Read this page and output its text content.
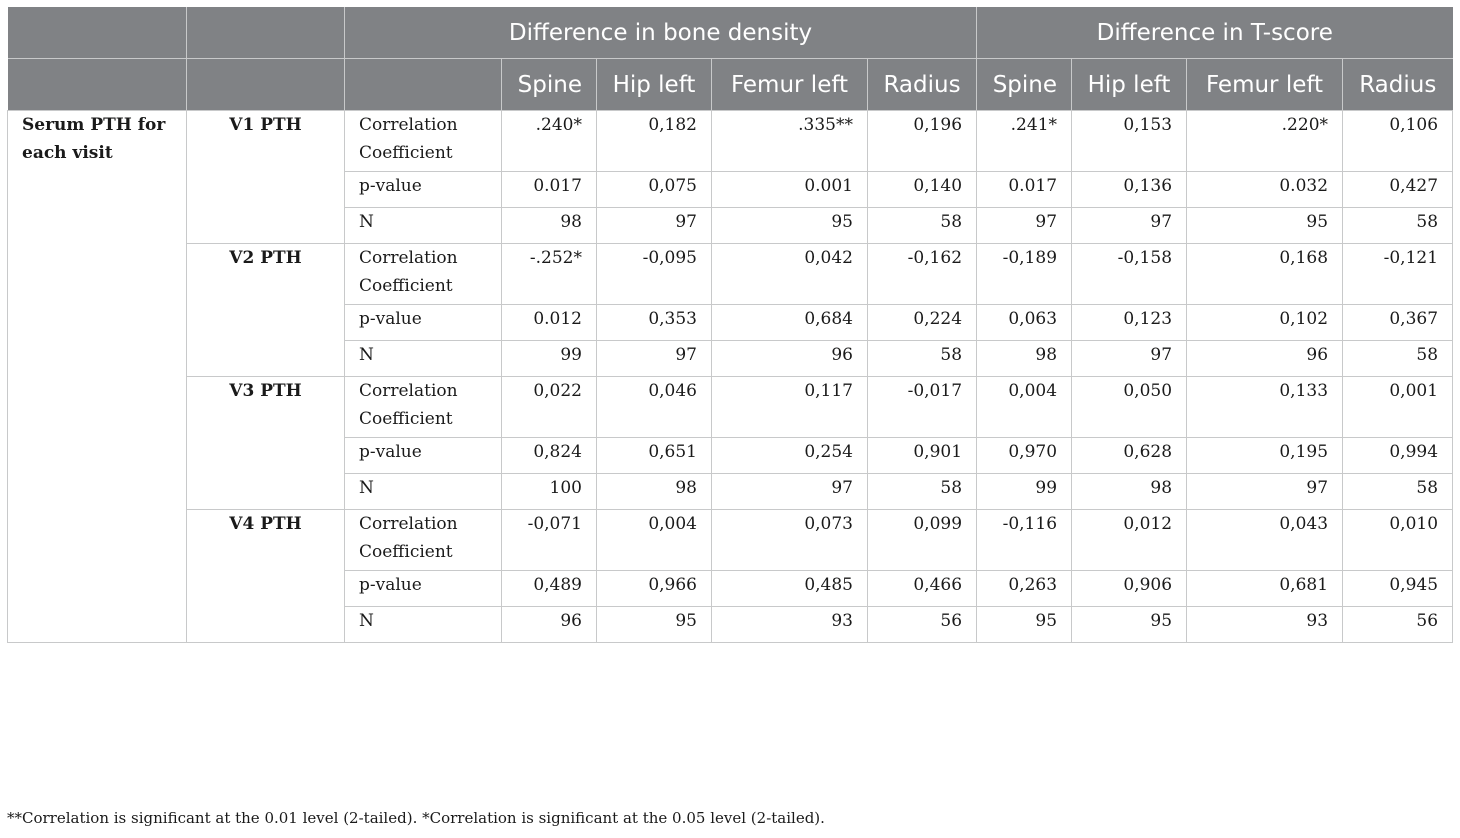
		Difference in bone density					Difference in T-score			
			Spine	Hip left	Femur left	Radius	Spine	Hip left	Femur left	Radius
Serum PTH for each visit	V1 PTH	Correlation Coefficient	.240*	0,182	.335**	0,196	.241*	0,153	.220*	0,106
		p-value	0.017	0,075	0.001	0,140	0.017	0,136	0.032	0,427
		N	98	97	95	58	97	97	95	58
	V2 PTH	Correlation Coefficient	-.252*	-0,095	0,042	-0,162	-0,189	-0,158	0,168	-0,121
		p-value	0.012	0,353	0,684	0,224	0,063	0,123	0,102	0,367
		N	99	97	96	58	98	97	96	58
	V3 PTH	Correlation Coefficient	0,022	0,046	0,117	-0,017	0,004	0,050	0,133	0,001
		p-value	0,824	0,651	0,254	0,901	0,970	0,628	0,195	0,994
		N	100	98	97	58	99	98	97	58
	V4 PTH	Correlation Coefficient	-0,071	0,004	0,073	0,099	-0,116	0,012	0,043	0,010
		p-value	0,489	0,966	0,485	0,466	0,263	0,906	0,681	0,945
		N	96	95	93	56	95	95	93	56
**Correlation is significant at the 0.01 level (2-tailed). *Correlation is significant at the 0.05 level (2-tailed).
